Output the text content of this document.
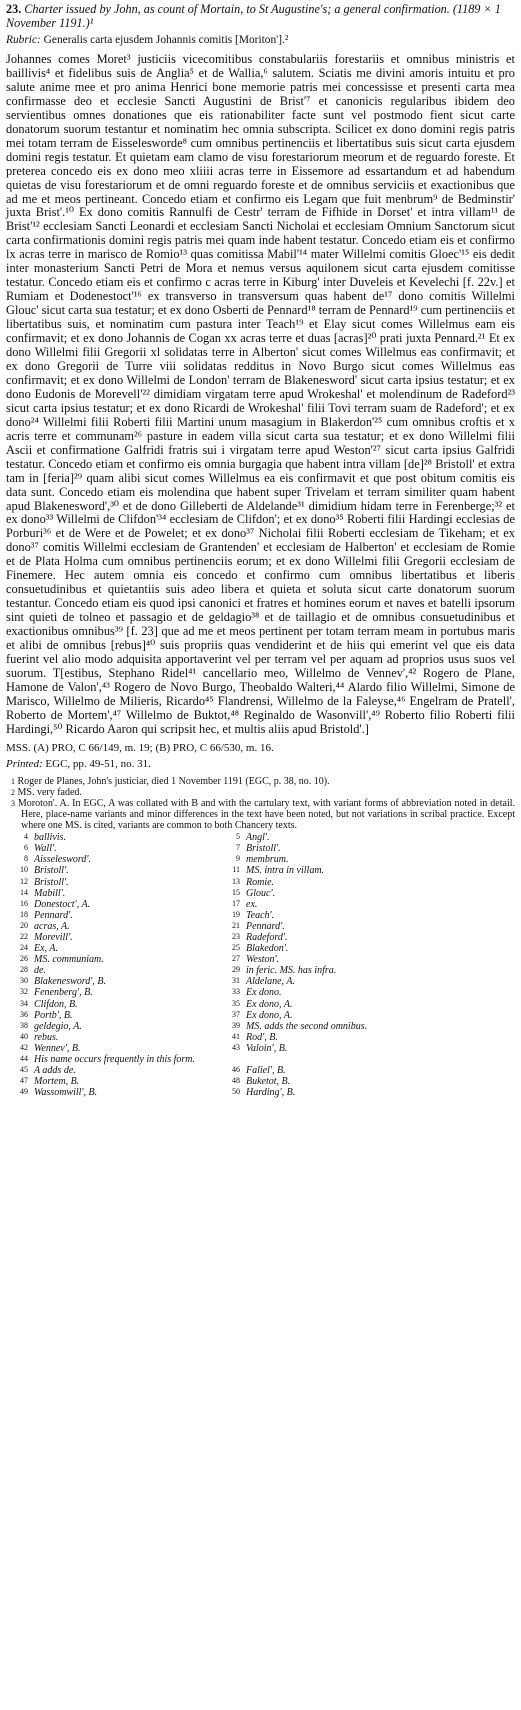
23. Charter issued by John, as count of Mortain, to St Augustine's; a general confirmation. (1189 × 1 November 1191.)¹

Rubric: Generalis carta ejusdem Johannis comitis [Moriton'].²

Johannes comes Moret³ justiciis vicecomitibus constabulariis forestariis et omnibus ministris et baillivis⁴ et fidelibus suis de Anglia⁵ et de Wallia,⁶ salutem. Sciatis me divini amoris intuitu et pro salute anime mee et pro anima Henrici bone memorie patris mei concessisse et presenti carta mea confirmasse deo et ecclesie Sancti Augustini de Brist'⁷ et canonicis regularibus ibidem deo servientibus omnes donationes que eis rationabiliter facte sunt vel postmodo fient sicut carte donatorum suorum testantur et nominatim hec omnia subscripta. Scilicet ex dono domini regis patris mei totam terram de Eisselesworde⁸ cum omnibus pertinenciis et libertatibus suis sicut carta ejusdem domini regis testatur. Et quietam eam clamo de visu forestariorum meorum et de reguardo foreste. Et preterea concedo eis ex dono meo xliiii acras terre in Eissemore ad essartandum et ad habendum quietas de visu forestariorum et de omni reguardo foreste et de omnibus serviciis et exactionibus que ad me et meos pertineant. Concedo etiam et confirmo eis Legam que fuit menbrum⁹ de Bedminstir' juxta Brist'.¹⁰ Ex dono comitis Rannulfi de Cestr' terram de Fifhide in Dorset' et intra villam¹¹ de Brist'¹² ecclesiam Sancti Leonardi et ecclesiam Sancti Nicholai et ecclesiam Omnium Sanctorum sicut carta confirmationis domini regis patris mei quam inde habent testatur. Concedo etiam eis et confirmo lx acras terre in marisco de Romio¹³ quas comitissa Mabil'¹⁴ mater Willelmi comitis Gloec'¹⁵ eis dedit inter monasterium Sancti Petri de Mora et nemus versus aquilonem sicut carta ejusdem comitisse testatur. Concedo etiam eis et confirmo c acras terre in Kiburg' inter Duveleis et Kevelechi [f. 22v.] et Rumiam et Dodenestoct'¹⁶ ex transverso in transversum quas habent de¹⁷ dono comitis Willelmi Glouc' sicut carta sua testatur; et ex dono Osberti de Pennard¹⁸ terram de Pennard¹⁹ cum pertinenciis et libertatibus suis, et nominatim cum pastura inter Teach¹⁹ et Elay sicut comes Willelmus eam eis confirmavit; et ex dono Johannis de Cogan xx acras terre et duas [acras]²⁰ prati juxta Pennard.²¹ Et ex dono Willelmi filii Gregorii xl solidatas terre in Alberton' sicut comes Willelmus eas confirmavit; et ex dono Gregorii de Turre viii solidatas redditus in Novo Burgo sicut comes Willelmus eas confirmavit; et ex dono Willelmi de London' terram de Blakenesword' sicut carta ipsius testatur; et ex dono Eudonis de Morevell'²² dimidiam virgatam terre apud Wrokeshal' et molendinum de Radeford²³ sicut carta ipsius testatur; et ex dono Ricardi de Wrokeshal' filii Tovi terram suam de Radeford'; et ex dono²⁴ Willelmi filii Roberti filii Martini unum masagium in Blakerdon'²⁵ cum omnibus croftis et x acris terre et communam²⁶ pasture in eadem villa sicut carta sua testatur; et ex dono Willelmi filii Ascii et confirmatione Galfridi fratris sui i virgatam terre apud Weston'²⁷ sicut carta ipsius Galfridi testatur. Concedo etiam et confirmo eis omnia burgagia que habent intra villam [de]²⁸ Bristoll' et extra tam in [feria]²⁹ quam alibi sicut comes Willelmus ea eis confirmavit et que post obitum comitis eis data sunt. Concedo etiam eis molendina que habent super Trivelam et terram similiter quam habent apud Blakenesword',³⁰ et de dono Gilleberti de Aldelande³¹ dimidium hidam terre in Ferenberge;³² et ex dono³³ Willelmi de Clifdon'³⁴ ecclesiam de Clifdon'; et ex dono³⁵ Roberti filii Hardingi ecclesias de Porburi³⁶ et de Were et de Powelet; et ex dono³⁷ Nicholai filii Roberti ecclesiam de Tikeham; et ex dono³⁷ comitis Willelmi ecclesiam de Grantenden' et ecclesiam de Halberton' et ecclesiam de Romie et de Plata Holma cum omnibus pertinenciis eorum; et ex dono Willelmi filii Gregorii ecclesiam de Finemere. Hec autem omnia eis concedo et confirmo cum omnibus libertatibus et liberis consuetudinibus et quietantiis suis adeo libera et quieta et soluta sicut carte donatorum suorum testantur. Concedo etiam eis quod ipsi canonici et fratres et homines eorum et naves et batelli ipsorum sint quieti de tolneo et passagio et de geldagio³⁸ et de taillagio et de omnibus consuetudinibus et exactionibus omnibus³⁹ [f. 23] que ad me et meos pertinent per totam terram meam in portubus maris et alibi de omnibus [rebus]⁴⁰ suis propriis quas vendiderint et de hiis qui emerint vel que eis data fuerint vel alio modo adquisita apportaverint vel per terram vel per aquam ad proprios usus suos vel suorum. T[estibus, Stephano Ridel⁴¹ cancellario meo, Willelmo de Vennev',⁴² Rogero de Plane, Hamone de Valon',⁴³ Rogero de Novo Burgo, Theobaldo Walteri,⁴⁴ Alardo filio Willelmi, Simone de Marisco, Willelmo de Milieris, Ricardo⁴⁵ Flandrensi, Willelmo de la Faleyse,⁴⁶ Engelram de Pratell', Roberto de Mortem',⁴⁷ Willelmo de Buktot,⁴⁸ Reginaldo de Wasonvill',⁴⁹ Roberto filio Roberti filii Hardingi,⁵⁰ Ricardo Aaron qui scripsit hec, et multis aliis apud Bristold'.]

MSS. (A) PRO, C 66/149, m. 19; (B) PRO, C 66/530, m. 16.

Printed: EGC, pp. 49-51, no. 31.

$^1$ Roger de Planes, John's justiciar, died 1 November 1191 (EGC, p. 38, no. 10).

$^2$ MS. very faded.

$^3$ Moroton'. A. In EGC, A was collated with B and with the cartulary text, with variant forms of abbreviation noted in detail. Here, place-name variants and minor differences in the text have been noted, but not variations in scribal practice. Except where one MS. is cited, variants are common to both Chancery texts.

4 ballivis.	5 Angl'.
6 Wall'.	7 Bristoll'.
8 Aisselesword'.	9 membrum.
10 Bristoll'.	11 MS. intra in villam.
12 Bristoll'.	13 Romie.
14 Mabill'.	15 Glouc'.
16 Donestoct', A.	17 ex.
18 Pennard'.	19 Teach'.
20 acras, A.	21 Pennard'.
22 Morevill'.	23 Radeford'.
24 Ex, A.	25 Blakedon'.
26 MS. communiam.	27 Weston'.
28 de.	29 in feric. MS. has infra.
30 Blakenesword', B.	31 Aldelane, A.
32 Fenenberg', B.	33 Ex dono.
34 Clifdon, B.	35 Ex dono, A.
36 Portb', B.	37 Ex dono, A.
38 geldegio, A.	39 MS. adds the second omnibus.
40 rebus.	41 Rod', B.
42 Wennev', B.	43 Valoin', B.
44 His name occurs frequently in this form.
45 A adds de.	46 Faliel', B.
47 Mortem, B.	48 Buketot, B.
49 Wassomwill', B.	50 Harding', B.
